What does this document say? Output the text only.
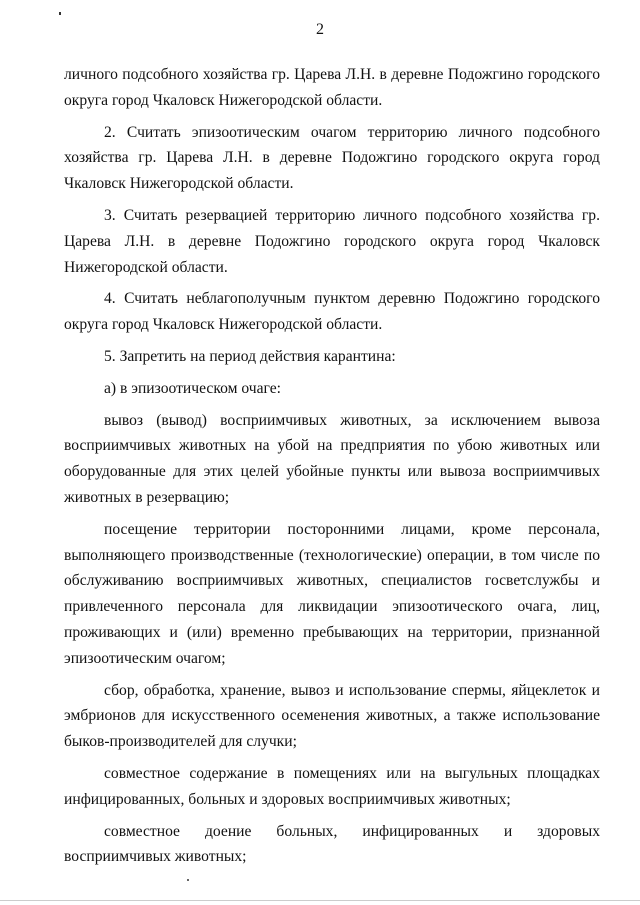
2

личного подсобного хозяйства гр. Царева Л.Н. в деревне Подожгино городского округа город Чкаловск Нижегородской области.

2. Считать эпизоотическим очагом территорию личного подсобного хозяйства гр. Царева Л.Н. в деревне Подожгино городского округа город Чкаловск Нижегородской области.

3. Считать резервацией территорию личного подсобного хозяйства гр. Царева Л.Н. в деревне Подожгино городского округа город Чкаловск Нижегородской области.

4. Считать неблагополучным пунктом деревню Подожгино городского округа город Чкаловск Нижегородской области.

5. Запретить на период действия карантина:

а) в эпизоотическом очаге:

вывоз (вывод) восприимчивых животных, за исключением вывоза восприимчивых животных на убой на предприятия по убою животных или оборудованные для этих целей убойные пункты или вывоза восприимчивых животных в резервацию;

посещение территории посторонними лицами, кроме персонала, выполняющего производственные (технологические) операции, в том числе по обслуживанию восприимчивых животных, специалистов госветслужбы и привлеченного персонала для ликвидации эпизоотического очага, лиц, проживающих и (или) временно пребывающих на территории, признанной эпизоотическим очагом;

сбор, обработка, хранение, вывоз и использование спермы, яйцеклеток и эмбрионов для искусственного осеменения животных, а также использование быков-производителей для случки;

совместное содержание в помещениях или на выгульных площадках инфицированных, больных и здоровых восприимчивых животных;

совместное доение больных, инфицированных и здоровых восприимчивых животных;
